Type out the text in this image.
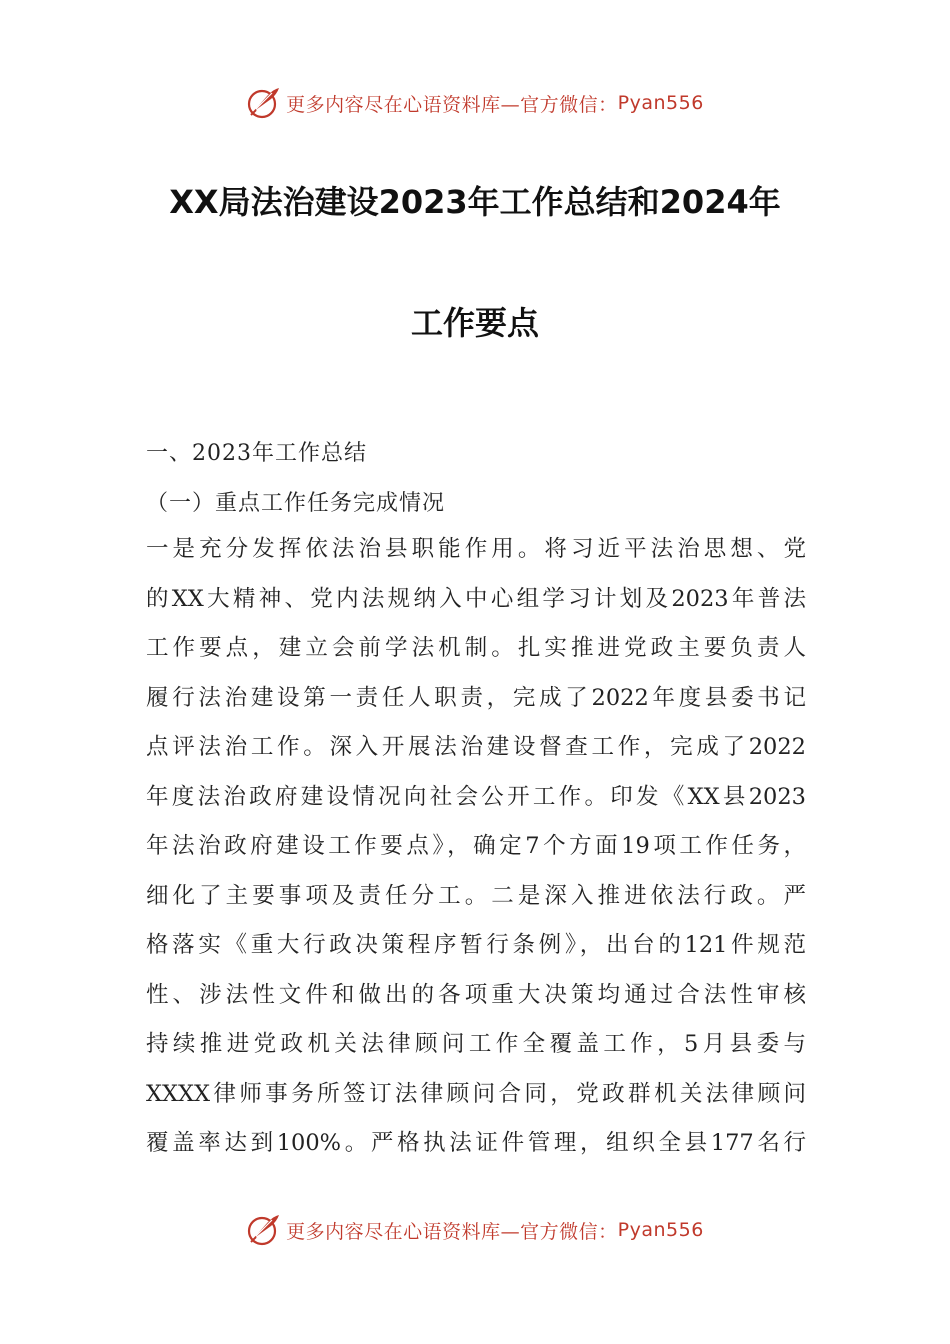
更多内容尽在心语资料库—官方微信： Pyan556
XX局法治建设2023年工作总结和2024年
工作要点
一、2023年工作总结
（一）重点工作任务完成情况
一是充分发挥依法治县职能作用。将习近平法治思想、党
的XX大精神、党内法规纳入中心组学习计划及2023年普法
工作要点，建立会前学法机制。扎实推进党政主要负责人
履行法治建设第一责任人职责，完成了2022年度县委书记
点评法治工作。深入开展法治建设督查工作，完成了2022
年度法治政府建设情况向社会公开工作。印发《XX县2023
年法治政府建设工作要点》，确定7个方面19项工作任务，
细化了主要事项及责任分工。二是深入推进依法行政。严
格落实《重大行政决策程序暂行条例》，出台的121件规范
性、涉法性文件和做出的各项重大决策均通过合法性审核
持续推进党政机关法律顾问工作全覆盖工作，5月县委与
XXXX律师事务所签订法律顾问合同，党政群机关法律顾问
覆盖率达到100%。严格执法证件管理，组织全县177名行
更多内容尽在心语资料库—官方微信： Pyan556
